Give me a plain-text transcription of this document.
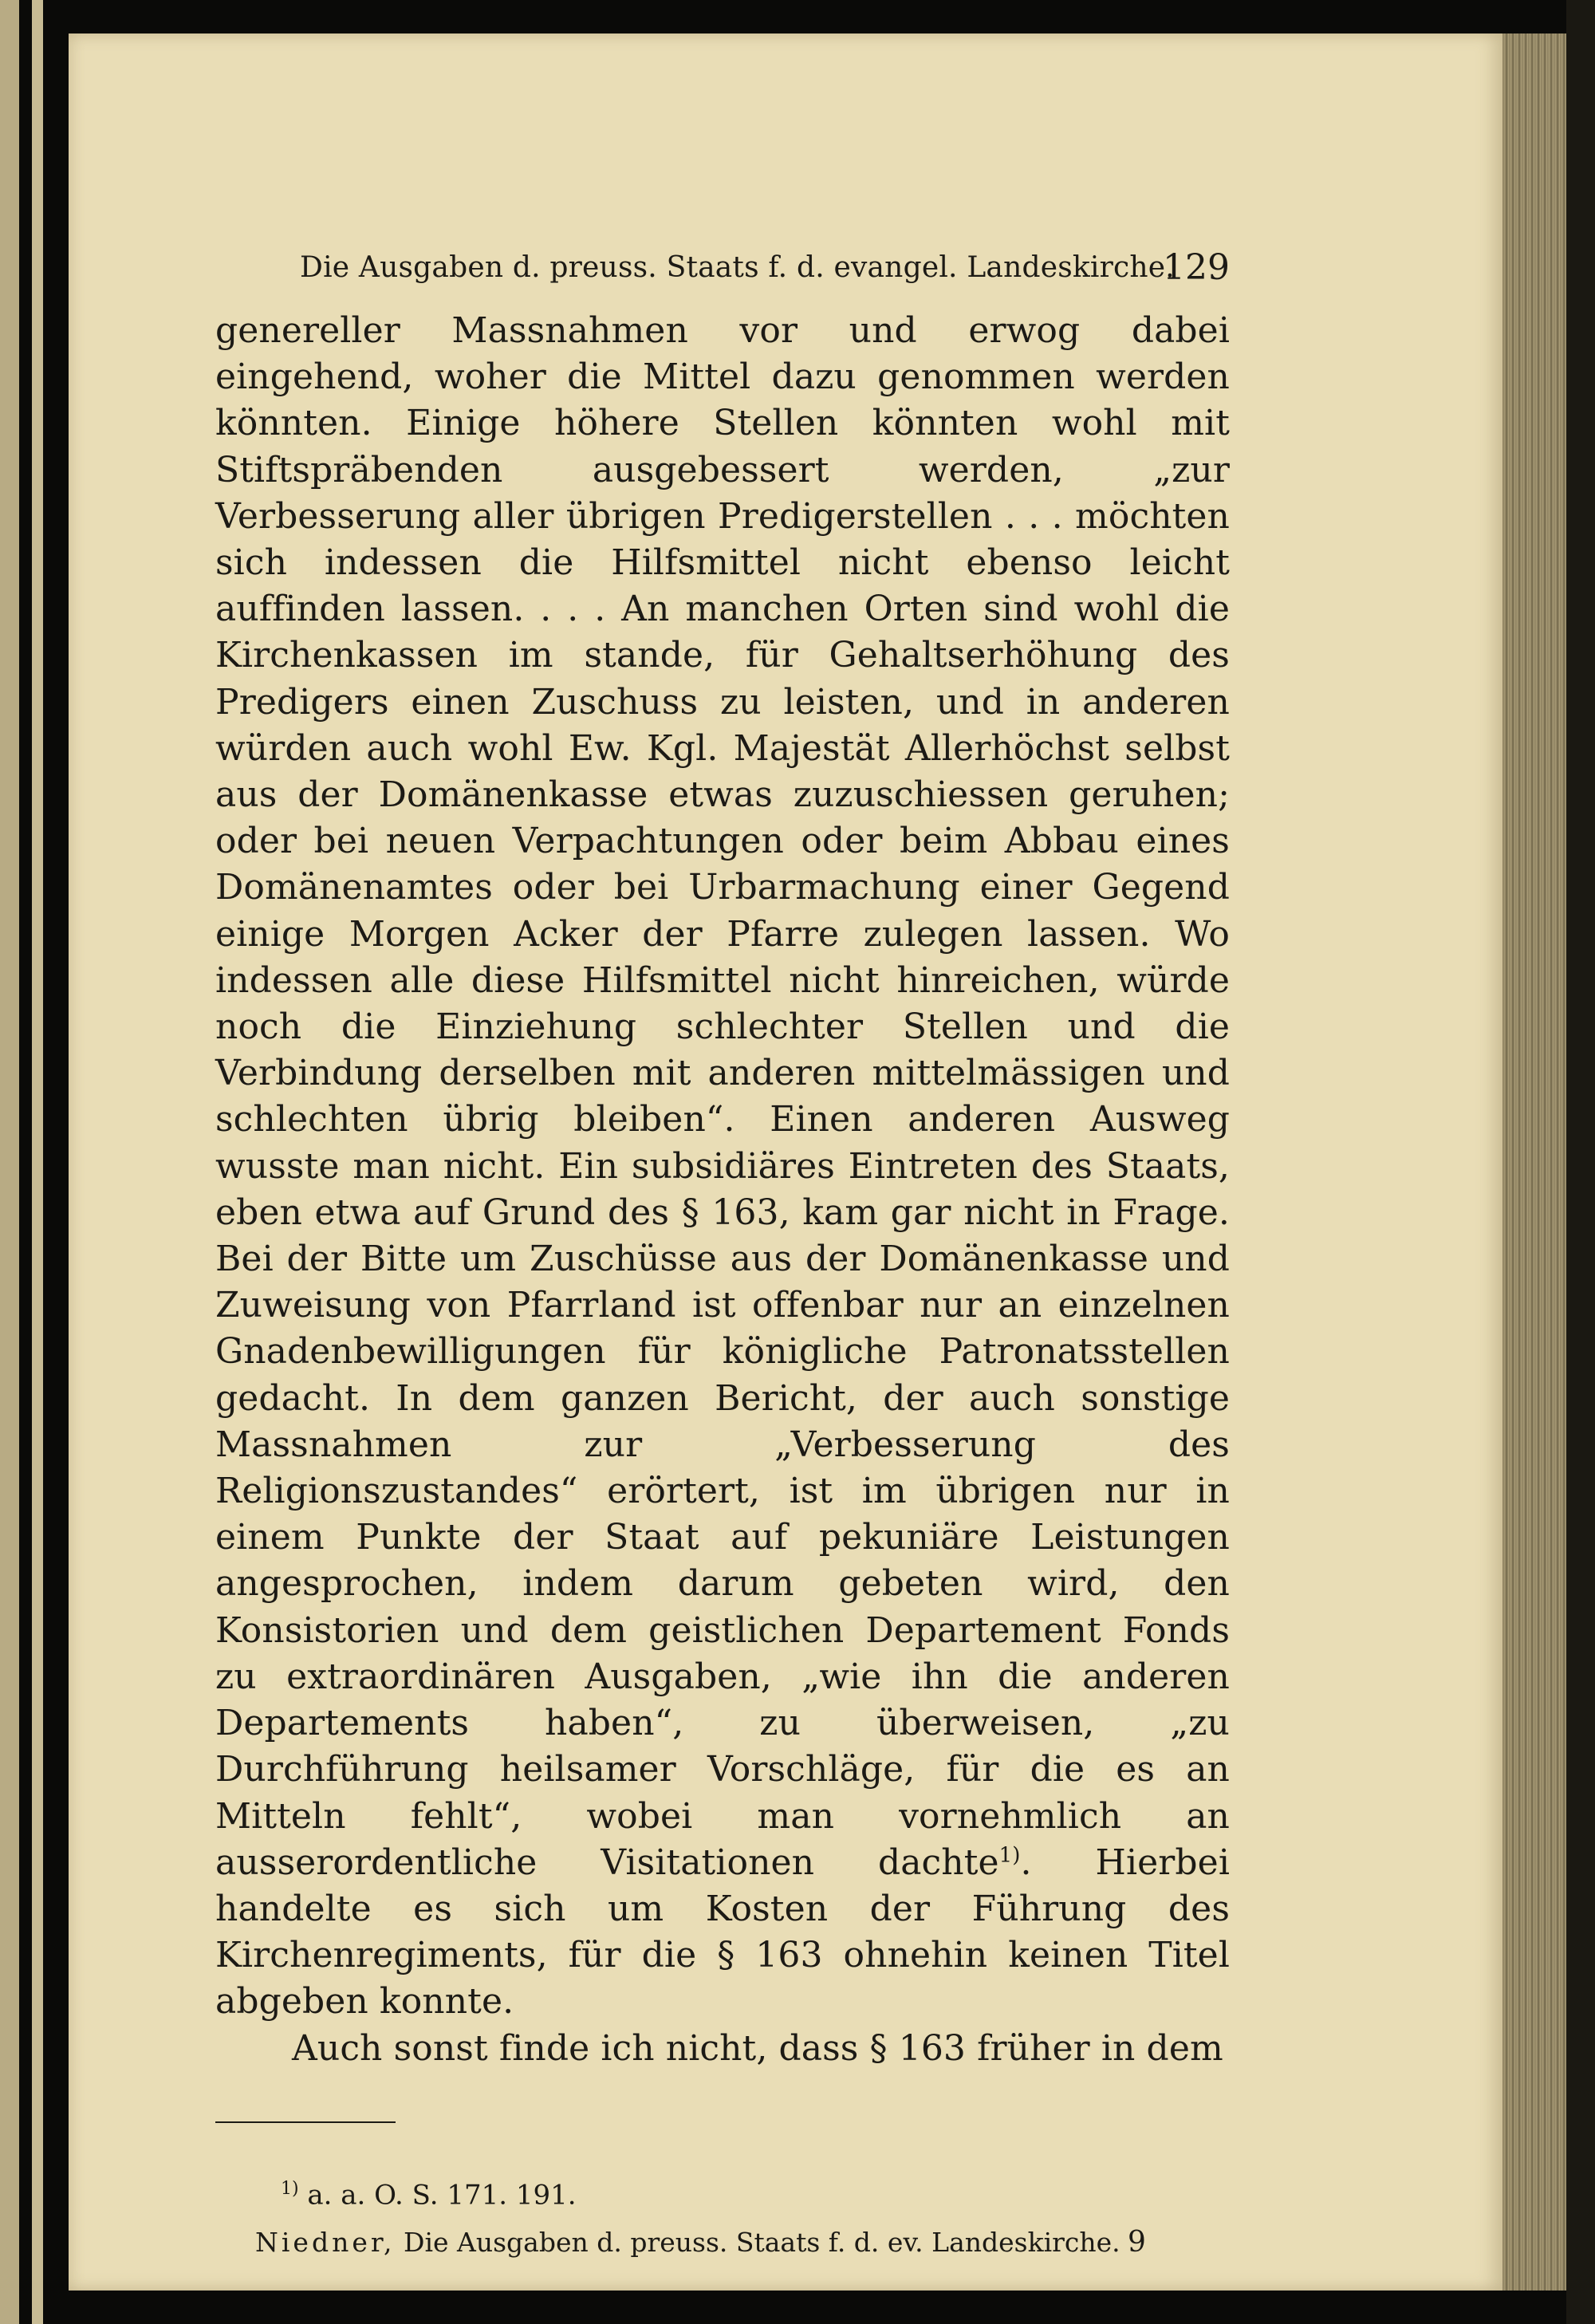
Die Ausgaben d. preuss. Staats f. d. evangel. Landeskirche.
129

genereller Massnahmen vor und erwog dabei eingehend, woher die Mittel dazu genommen werden könnten. Einige höhere Stellen könnten wohl mit Stiftspräbenden ausgebessert werden, „zur Verbesserung aller übrigen Predigerstellen . . . möchten sich indessen die Hilfsmittel nicht ebenso leicht auffinden lassen. . . . An manchen Orten sind wohl die Kirchenkassen im stande, für Gehaltserhöhung des Predigers einen Zuschuss zu leisten, und in anderen würden auch wohl Ew. Kgl. Majestät Allerhöchst selbst aus der Domänenkasse etwas zuzuschiessen geruhen; oder bei neuen Verpachtungen oder beim Abbau eines Domänenamtes oder bei Urbarmachung einer Gegend einige Morgen Acker der Pfarre zulegen lassen. Wo indessen alle diese Hilfsmittel nicht hinreichen, würde noch die Einziehung schlechter Stellen und die Verbindung derselben mit anderen mittelmässigen und schlechten übrig bleiben“. Einen anderen Ausweg wusste man nicht. Ein subsidiäres Eintreten des Staats, eben etwa auf Grund des § 163, kam gar nicht in Frage. Bei der Bitte um Zuschüsse aus der Domänenkasse und Zuweisung von Pfarrland ist offenbar nur an einzelnen Gnadenbewilligungen für königliche Patronatsstellen gedacht. In dem ganzen Bericht, der auch sonstige Massnahmen zur „Verbesserung des Religionszustandes“ erörtert, ist im übrigen nur in einem Punkte der Staat auf pekuniäre Leistungen angesprochen, indem darum gebeten wird, den Konsistorien und dem geistlichen Departement Fonds zu extraordinären Ausgaben, „wie ihn die anderen Departements haben“, zu überweisen, „zu Durchführung heilsamer Vorschläge, für die es an Mitteln fehlt“, wobei man vornehmlich an ausserordentliche Visitationen dachte$^{1)}$. Hierbei handelte es sich um Kosten der Führung des Kirchenregiments, für die § 163 ohnehin keinen Titel abgeben konnte.

Auch sonst finde ich nicht, dass § 163 früher in dem

$^{1)}$ a. a. O. S. 171. 191.
Niedner, Die Ausgaben d. preuss. Staats f. d. ev. Landeskirche. 9
